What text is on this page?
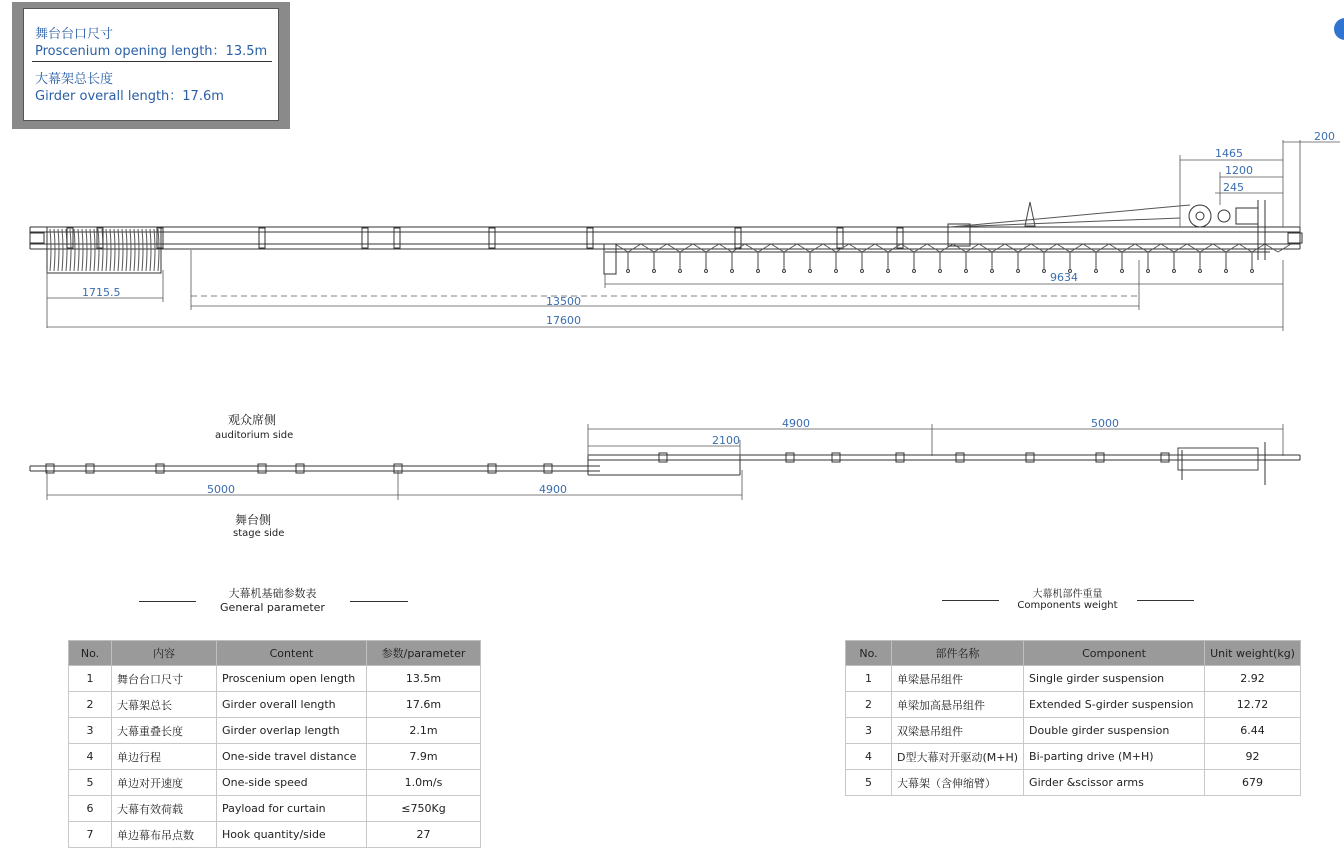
舞台台口尺寸
Proscenium opening length：13.5m
大幕架总长度
Girder overall length：17.6m
1715.5
13500
17600
9634
1465
1200
245
200
4900
2100
5000
5000	4900
观众席侧
auditorium side
舞台侧
stage side
大幕机基础参数表
General parameter
No.	内容	Content	参数/parameter
1	舞台台口尺寸	Proscenium open length	13.5m
2	大幕架总长	Girder overall length	17.6m
3	大幕重叠长度	Girder overlap length	2.1m
4	单边行程	One-side travel distance	7.9m
5	单边对开速度	One-side speed	1.0m/s
6	大幕有效荷载	Payload for curtain	≤750Kg
7	单边幕布吊点数	Hook quantity/side	27
大幕机部件重量
Components weight
No.	部件名称	Component	Unit weight(kg)
1	单梁悬吊组件	Single girder suspension	2.92
2	单梁加高悬吊组件	Extended S-girder suspension	12.72
3	双梁悬吊组件	Double girder suspension	6.44
4	D型大幕对开驱动(M+H)	Bi-parting drive (M+H)	92
5	大幕架（含伸缩臂）	Girder &scissor arms	679
